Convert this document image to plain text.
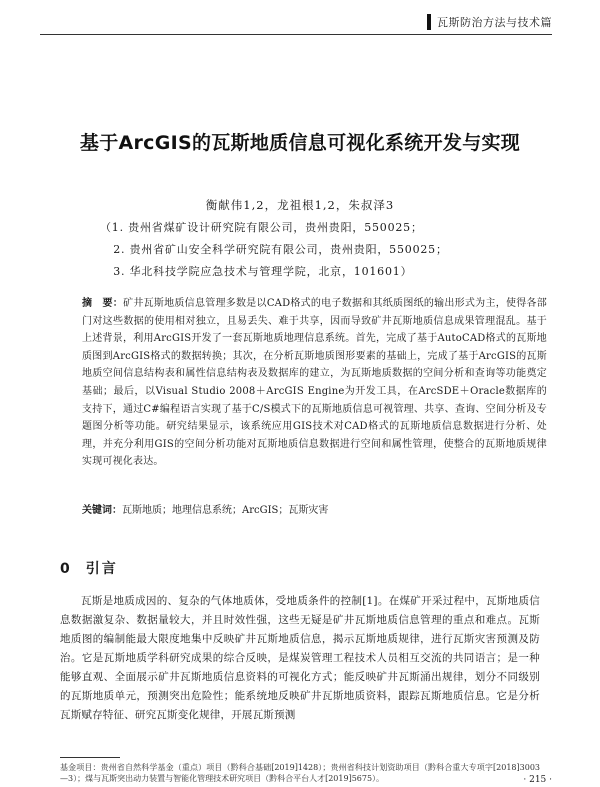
瓦斯防治方法与技术篇
基于ArcGIS的瓦斯地质信息可视化系统开发与实现
衡献伟1,2，龙祖根1,2，朱叔泽3
（1. 贵州省煤矿设计研究院有限公司，贵州贵阳，550025；
2. 贵州省矿山安全科学研究院有限公司，贵州贵阳，550025；
3. 华北科技学院应急技术与管理学院，北京，101601）
摘　要：矿井瓦斯地质信息管理多数是以CAD格式的电子数据和其纸质图纸的输出形式为主，使得各部门对这些数据的使用相对独立，且易丢失、难于共享，因而导致矿井瓦斯地质信息成果管理混乱。基于上述背景，利用ArcGIS开发了一套瓦斯地质地理信息系统。首先，完成了基于AutoCAD格式的瓦斯地质图到ArcGIS格式的数据转换；其次，在分析瓦斯地质图形要素的基础上，完成了基于ArcGIS的瓦斯地质空间信息结构表和属性信息结构表及数据库的建立，为瓦斯地质数据的空间分析和查询等功能奠定基础；最后，以Visual Studio 2008＋ArcGIS Engine为开发工具，在ArcSDE＋Oracle数据库的支持下，通过C#编程语言实现了基于C/S模式下的瓦斯地质信息可视管理、共享、查询、空间分析及专题图分析等功能。研究结果显示，该系统应用GIS技术对CAD格式的瓦斯地质信息数据进行分析、处理，并充分利用GIS的空间分析功能对瓦斯地质信息数据进行空间和属性管理，使整合的瓦斯地质规律实现可视化表达。
关键词：瓦斯地质；地理信息系统；ArcGIS；瓦斯灾害
0 引言
瓦斯是地质成因的、复杂的气体地质体，受地质条件的控制[1]。在煤矿开采过程中，瓦斯地质信息数据激复杂、数据量较大，并且时效性强，这些无疑是矿井瓦斯地质信息管理的重点和难点。瓦斯地质图的编制能最大限度地集中反映矿井瓦斯地质信息，揭示瓦斯地质规律，进行瓦斯灾害预测及防治。它是瓦斯地质学科研究成果的综合反映，是煤炭管理工程技术人员相互交流的共同语言；是一种能够直观、全面展示矿井瓦斯地质信息资料的可视化方式；能反映矿井瓦斯涌出规律，划分不同级别的瓦斯地质单元，预测突出危险性；能系统地反映矿井瓦斯地质资料，跟踪瓦斯地质信息。它是分析瓦斯赋存特征、研究瓦斯变化规律，开展瓦斯预测
基金项目：贵州省自然科学基金（重点）项目（黔科合基础[2019]1428）；贵州省科技计划资助项目（黔科合重大专项字[2018]3003—3）；煤与瓦斯突出动力装置与智能化管理技术研究项目（黔科合平台人才[2019]5675）。	· 215 ·
